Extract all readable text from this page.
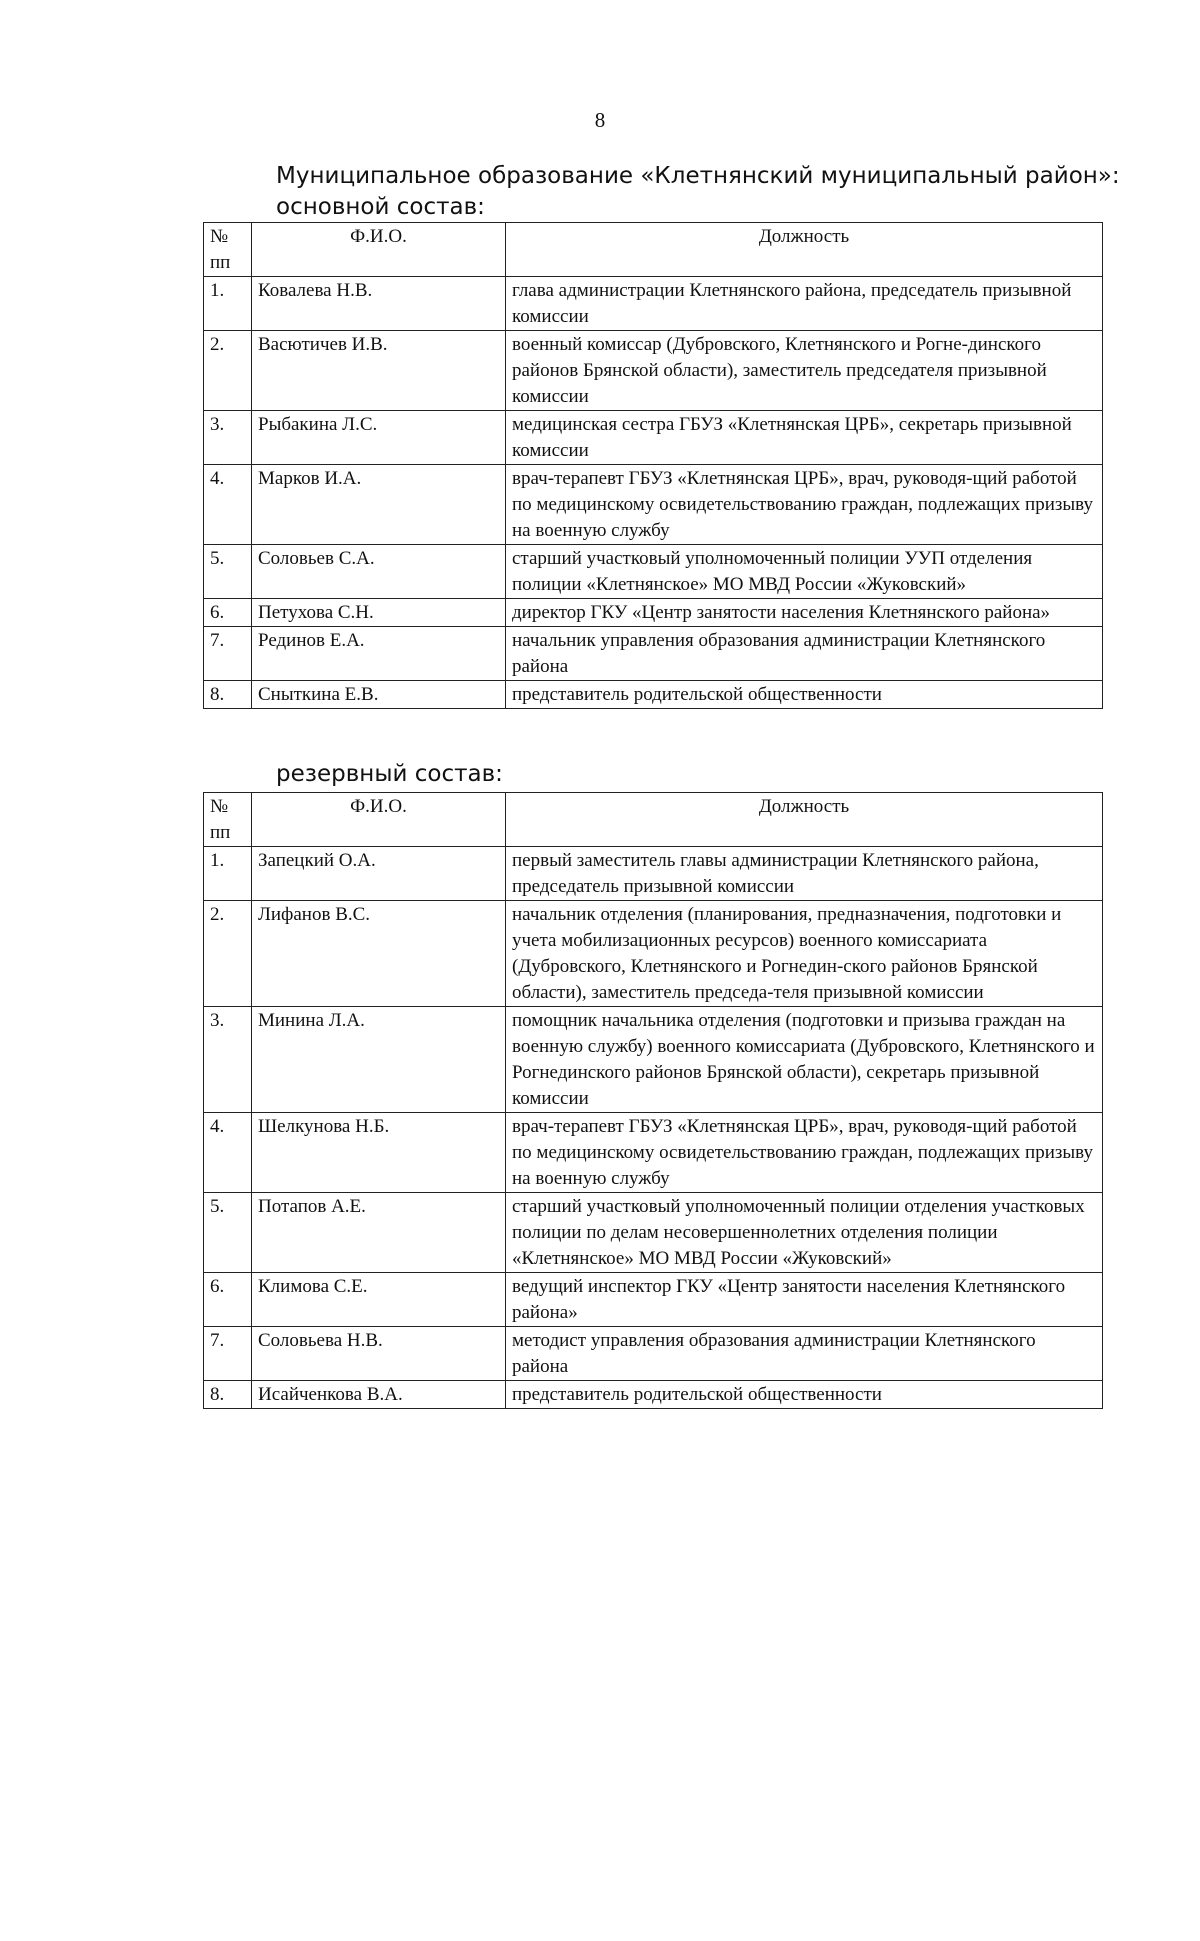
8
Муниципальное образование «Клетнянский муниципальный район»:
основной состав:
№ пп	Ф.И.О.	Должность
1.	Ковалева Н.В.	глава администрации Клетнянского района, председатель призывной комиссии
2.	Васютичев И.В.	военный комиссар (Дубровского, Клетнянского и Рогне-динского районов Брянской области), заместитель председателя призывной комиссии
3.	Рыбакина Л.С.	медицинская сестра ГБУЗ «Клетнянская ЦРБ», секретарь призывной комиссии
4.	Марков И.А.	врач-терапевт ГБУЗ «Клетнянская ЦРБ», врач, руководя-щий работой по медицинскому освидетельствованию граждан, подлежащих призыву на военную службу
5.	Соловьев С.А.	старший участковый уполномоченный полиции УУП отделения полиции «Клетнянское» МО МВД России «Жуковский»
6.	Петухова С.Н.	директор ГКУ «Центр занятости населения Клетнянского района»
7.	Рединов Е.А.	начальник управления образования администрации Клетнянского района
8.	Сныткина Е.В.	представитель родительской общественности
резервный состав:
№ пп	Ф.И.О.	Должность
1.	Запецкий О.А.	первый заместитель главы администрации Клетнянского района, председатель призывной комиссии
2.	Лифанов В.С.	начальник отделения (планирования, предназначения, подготовки и учета мобилизационных ресурсов) военного комиссариата (Дубровского, Клетнянского и Рогнедин-ского районов Брянской области), заместитель председа-теля призывной комиссии
3.	Минина Л.А.	помощник начальника отделения (подготовки и призыва граждан на военную службу) военного комиссариата (Дубровского, Клетнянского и Рогнединского районов Брянской области), секретарь призывной комиссии
4.	Шелкунова Н.Б.	врач-терапевт ГБУЗ «Клетнянская ЦРБ», врач, руководя-щий работой по медицинскому освидетельствованию граждан, подлежащих призыву на военную службу
5.	Потапов А.Е.	старший участковый уполномоченный полиции отделения участковых полиции по делам несовершеннолетних отделения полиции «Клетнянское» МО МВД России «Жуковский»
6.	Климова С.Е.	ведущий инспектор ГКУ «Центр занятости населения Клетнянского района»
7.	Соловьева Н.В.	методист управления образования администрации Клетнянского района
8.	Исайченкова В.А.	представитель родительской общественности
